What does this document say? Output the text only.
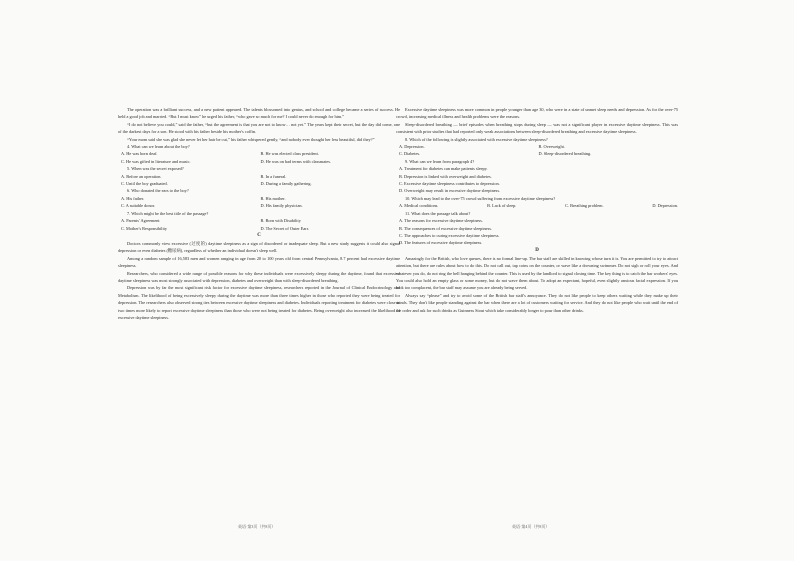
The operation was a brilliant success, and a new patient appeared. The talents blossomed into genius, and school and college became a series of success. He held a good job and married. “But I must know” he urged his father, “who gave so much for me? I could never do enough for him.”

“I do not believe you could,” said the father, “but the agreement is that you are not to know… not yet.” The years kept their secret, but the day did come, one of the darkest days for a son. He stood with his father beside his mother's coffin.

“Your mom said she was glad she never let her hair be cut,” his father whispered gently, “and nobody ever thought her less beautiful, did they?”

4. What can we learn about the boy?

A. He was born deaf.	B. He was elected class president.
C. He was gifted in literature and music.	D. He was on bad terms with classmates.

5. When was the secret exposed?

A. Before an operation.	B. In a funeral.
C. Until the boy graduated.	D. During a family gathering.

6. Who donated the ears to the boy?

A. His father.	B. His mother.
C. A suitable donor.	D. His family physician.

7. Which might be the best title of the passage?

A. Parents' Agreement	B. Born with Disability
C. Mother's Responsibility	D. The Secret of Outer Ears
C

Doctors commonly view excessive (过度的) daytime sleepiness as a sign of disordered or inadequate sleep. But a new study suggests it could also signal depression or even diabetes (糖尿病), regardless of whether an individual doesn't sleep well.

Among a random sample of 16,583 men and women ranging in age from 20 to 100 years old from central Pennsylvania, 8.7 percent had excessive daytime sleepiness.

Researchers, who considered a wide range of possible reasons for why these individuals were excessively sleepy during the daytime, found that excessive daytime sleepiness was most strongly associated with depression, diabetes and overweight than with sleep-disordered breathing.

Depression was by far the most significant risk factor for excessive daytime sleepiness, researchers reported in the Journal of Clinical Endocrinology and Metabolism. The likelihood of being excessively sleepy during the daytime was more than three times higher in those who reported they were being treated for depression. The researchers also observed strong ties between excessive daytime sleepiness and diabetes. Individuals reporting treatment for diabetes were close to two times more likely to report excessive daytime sleepiness than those who were not being treated for diabetes. Being overweight also increased the likelihood of excessive daytime sleepiness.

Excessive daytime sleepiness was more common in people younger than age 30, who were in a state of unmet sleep needs and depression. As for the over-75 crowd, increasing medical illness and health problems were the reasons.

Sleep-disordered breathing — brief episodes when breathing stops during sleep — was not a significant player in excessive daytime sleepiness. This was consistent with prior studies that had reported only weak associations between sleep-disordered breathing and excessive daytime sleepiness.

8. Which of the following is slightly associated with excessive daytime sleepiness?

A. Depression.	B. Overweight.
C. Diabetes.	D. Sleep-disordered breathing.

9. What can we learn from paragraph 4?

A. Treatment for diabetes can make patients sleepy.
B. Depression is linked with overweight and diabetes.
C. Excessive daytime sleepiness contributes to depression.
D. Overweight may result in excessive daytime sleepiness.

10. Which may lead to the over-75 crowd suffering from excessive daytime sleepiness?

A. Medical conditions.	B. Lack of sleep.	C. Breathing problem.	D. Depression.

11. What does the passage talk about?

A. The reasons for excessive daytime sleepiness.
B. The consequences of excessive daytime sleepiness.
C. The approaches to curing excessive daytime sleepiness.
D. The features of excessive daytime sleepiness.
D

Amazingly for the British, who love queues, there is no formal line-up. The bar staff are skilled in knowing whose turn it is. You are permitted to try to attract attention, but there are rules about how to do this. Do not call out, tap coins on the counter, or wave like a drowning swimmer. Do not sigh or roll your eyes. And whatever you do, do not ring the bell hanging behind the counter. This is used by the landlord to signal closing time. The key thing is to catch the bar workers' eyes. You could also hold an empty glass or some money, but do not wave them about. To adopt an expectant, hopeful, even slightly anxious facial expression. If you look too complacent, the bar staff may assume you are already being served.

Always say “please” and try to avoid some of the British bar staff's annoyance. They do not like people to keep others waiting while they make up their minds. They don't like people standing against the bar when there are a lot of customers waiting for service. And they do not like people who wait until the end of the order and ask for such drinks as Guinness Stout which take considerably longer to pour than other drinks.

英语·第3页（共8页）	英语·第4页（共8页）
